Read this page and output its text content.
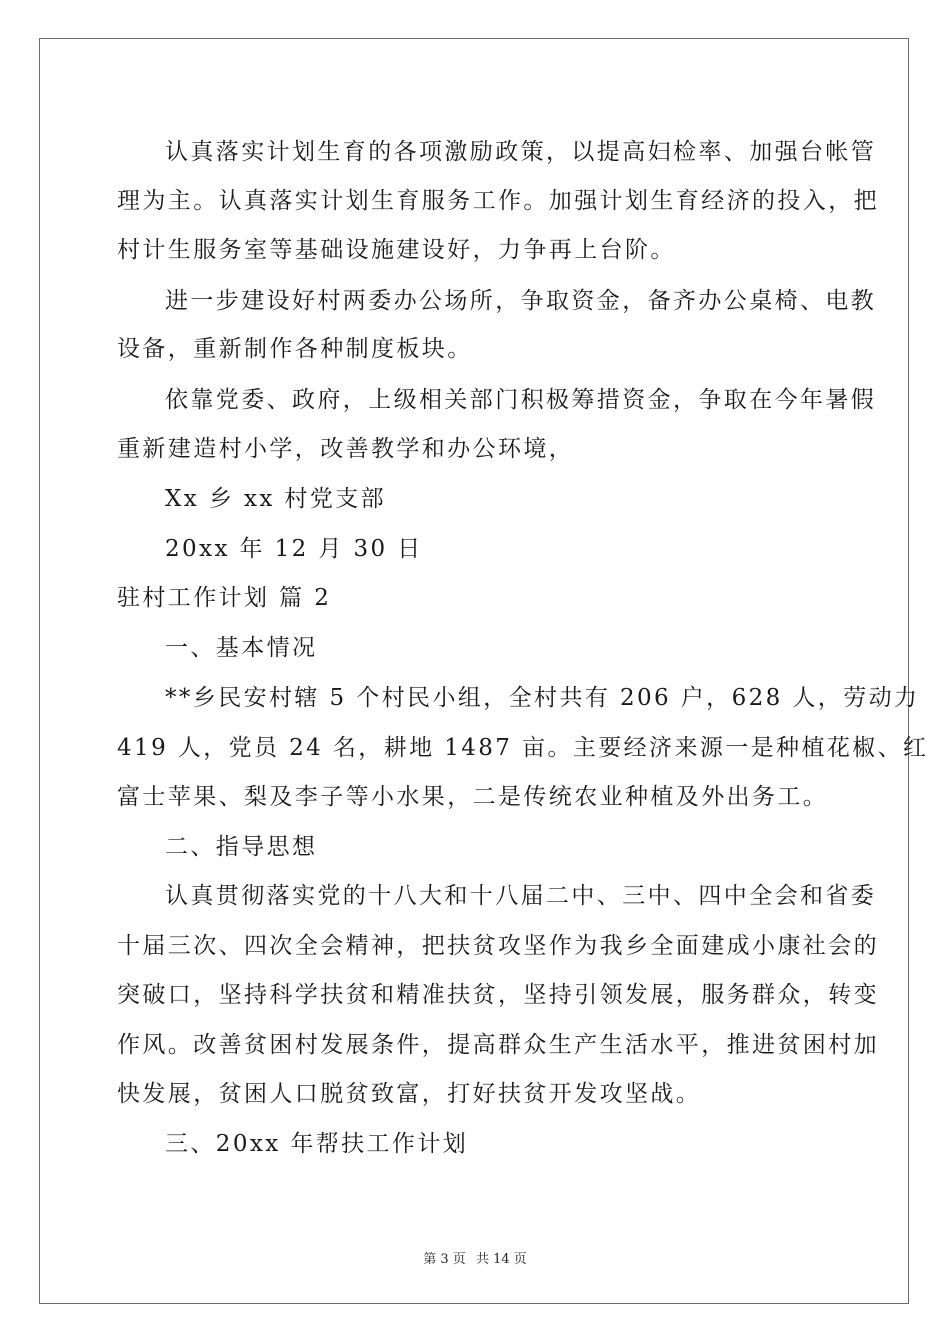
认真落实计划生育的各项激励政策，以提高妇检率、加强台帐管
理为主。认真落实计划生育服务工作。加强计划生育经济的投入，把
村计生服务室等基础设施建设好，力争再上台阶。
进一步建设好村两委办公场所，争取资金，备齐办公桌椅、电教
设备，重新制作各种制度板块。
依靠党委、政府，上级相关部门积极筹措资金，争取在今年暑假
重新建造村小学，改善教学和办公环境，
Xx 乡 xx 村党支部
20xx 年 12 月 30 日
驻村工作计划 篇 2
一、基本情况
**乡民安村辖 5 个村民小组，全村共有 206 户，628 人，劳动力
419 人，党员 24 名，耕地 1487 亩。主要经济来源一是种植花椒、红
富士苹果、梨及李子等小水果，二是传统农业种植及外出务工。
二、指导思想
认真贯彻落实党的十八大和十八届二中、三中、四中全会和省委
十届三次、四次全会精神，把扶贫攻坚作为我乡全面建成小康社会的
突破口，坚持科学扶贫和精准扶贫，坚持引领发展，服务群众，转变
作风。改善贫困村发展条件，提高群众生产生活水平，推进贫困村加
快发展，贫困人口脱贫致富，打好扶贫开发攻坚战。
三、20xx 年帮扶工作计划
第 3 页 共 14 页
